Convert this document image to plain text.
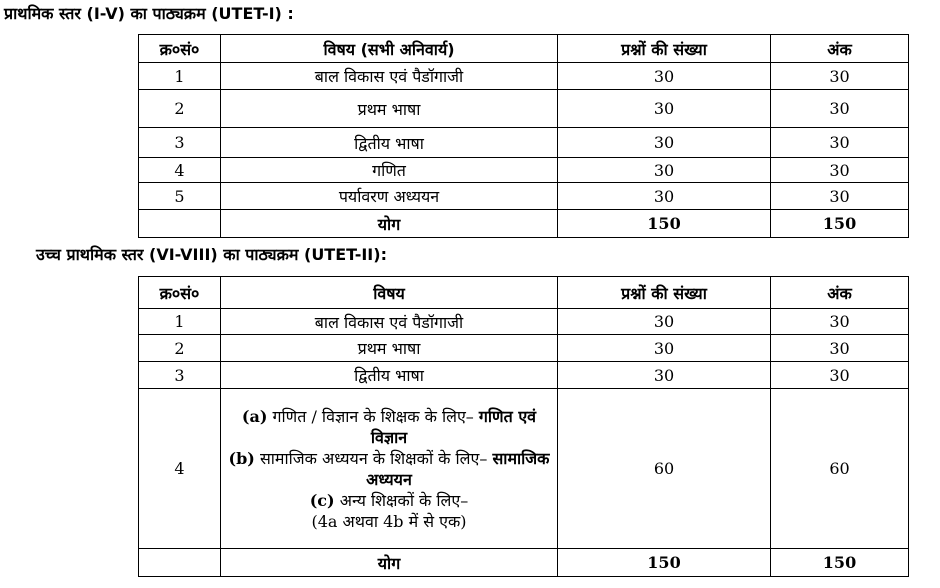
प्राथमिक स्तर (I-V) का पाठ्यक्रम (UTET-I) :
क्र०सं०	विषय (सभी अनिवार्य)	प्रश्नों की संख्या	अंक
1	बाल विकास एवं पैडॉगाजी	30	30
2	प्रथम भाषा	30	30
3	द्वितीय भाषा	30	30
4	गणित	30	30
5	पर्यावरण अध्ययन	30	30
	योग	150	150
उच्च प्राथमिक स्तर (VI-VIII) का पाठ्यक्रम (UTET-II):
क्र०सं०	विषय	प्रश्नों की संख्या	अंक
1	बाल विकास एवं पैडॉगाजी	30	30
2	प्रथम भाषा	30	30
3	द्वितीय भाषा	30	30
4	(a) गणित / विज्ञान के शिक्षक के लिए– गणित एवं विज्ञान
(b) सामाजिक अध्ययन के शिक्षकों के लिए– सामाजिक अध्ययन
(c) अन्य शिक्षकों के लिए–
(4a अथवा 4b में से एक)	60	60
	योग	150	150
